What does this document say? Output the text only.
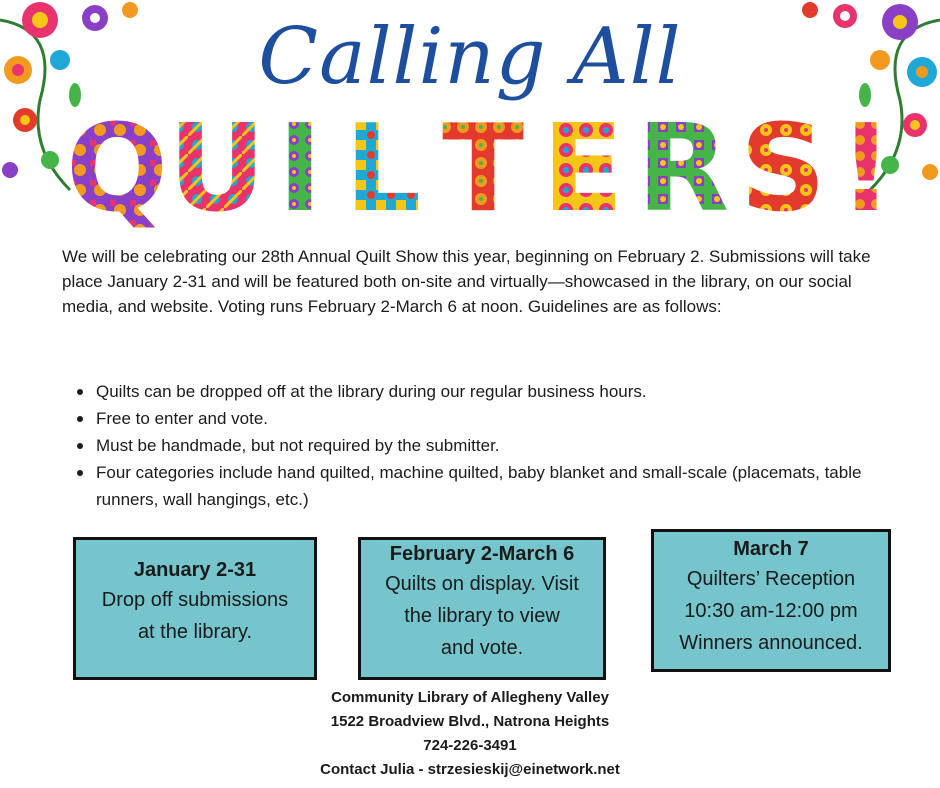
Calling All
Q U I L T E R S !
We will be celebrating our 28th Annual Quilt Show this year, beginning on February 2. Submissions will take place January 2-31 and will be featured both on-site and virtually—showcased in the library, on our social media, and website. Voting runs February 2-March 6 at noon. Guidelines are as follows:
Quilts can be dropped off at the library during our regular business hours.
Free to enter and vote.
Must be handmade, but not required by the submitter.
Four categories include hand quilted, machine quilted, baby blanket and small-scale (placemats, table runners, wall hangings, etc.)
January 2-31
Drop off submissions
at the library.
February 2-March 6
Quilts on display. Visit
the library to view
and vote.
March 7
Quilters’ Reception
10:30 am-12:00 pm
Winners announced.
Community Library of Allegheny Valley
1522 Broadview Blvd., Natrona Heights
724-226-3491
Contact Julia - strzesieskij@einetwork.net
